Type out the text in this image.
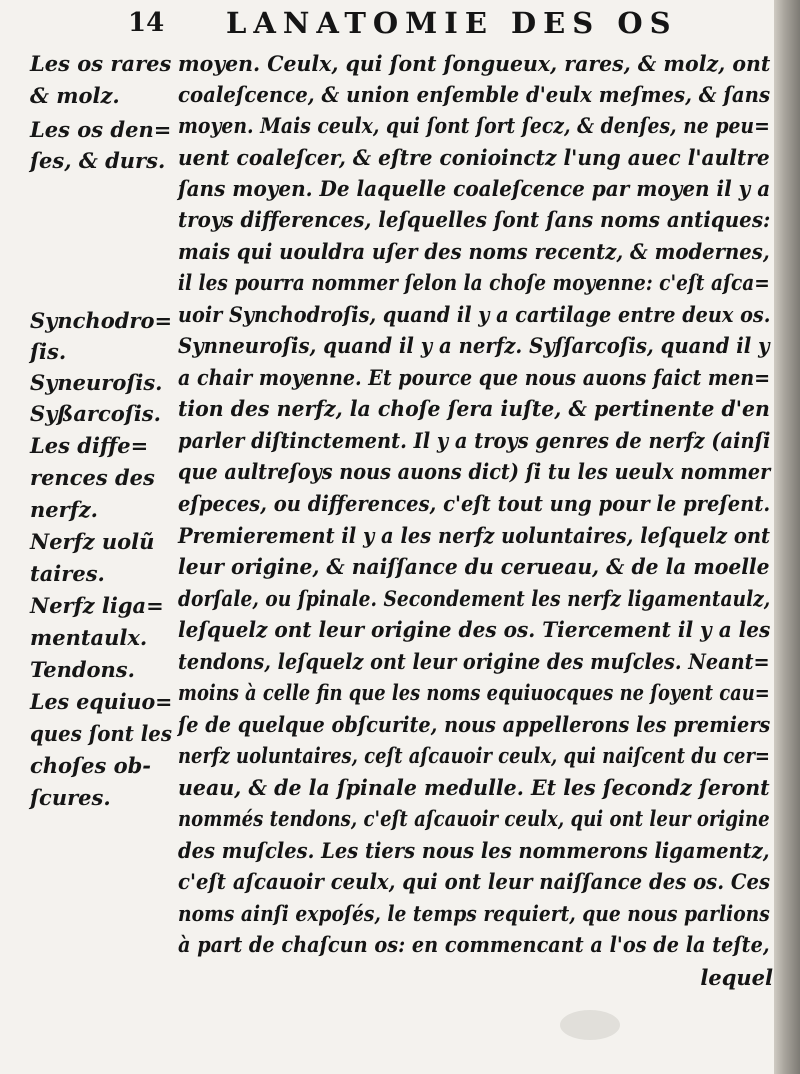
14 LANATOMIE DES OS
Les os rares
& molz.
Les os den=
ſes, & durs.
Synchodro=
ſis.
Syneuroſis.
Syßarcoſis.
Les diffe=
rences des
nerfz.
Nerfz uolũ
taires.
Nerfz liga=
mentaulx.
Tendons.
Les equiuo=
ques ſont les
choſes ob-
ſcures.
moyen. Ceulx, qui ſont ſongueux, rares, & molz, ont
coaleſcence, & union enſemble d'eulx meſmes, & ſans
moyen. Mais ceulx, qui ſont ſort ſecz, & denſes, ne peu=
uent coaleſcer, & eſtre conioinctz l'ung auec l'aultre
ſans moyen. De laquelle coaleſcence par moyen il y a
troys differences, leſquelles ſont ſans noms antiques:
mais qui uouldra uſer des noms recentz, & modernes,
il les pourra nommer ſelon la choſe moyenne: c'eſt aſca=
uoir Synchodroſis, quand il y a cartilage entre deux os.
Synneuroſis, quand il y a nerfz. Syſſarcoſis, quand il y
a chair moyenne. Et pource que nous auons faict men=
tion des nerfz, la choſe ſera iuſte, & pertinente d'en
parler diſtinctement. Il y a troys genres de nerfz (ainſi
que aultreſoys nous auons dict) ſi tu les ueulx nommer
eſpeces, ou differences, c'eſt tout ung pour le preſent.
Premierement il y a les nerfz uoluntaires, leſquelz ont
leur origine, & naiſſance du cerueau, & de la moelle
dorſale, ou ſpinale. Secondement les nerfz ligamentaulz,
leſquelz ont leur origine des os. Tiercement il y a les
tendons, leſquelz ont leur origine des muſcles. Neant=
moins à celle fin que les noms equiuocques ne ſoyent cau=
ſe de quelque obſcurite, nous appellerons les premiers
nerfz uoluntaires, ceſt aſcauoir ceulx, qui naiſcent du cer=
ueau, & de la ſpinale medulle. Et les ſecondz ſeront
nommés tendons, c'eſt aſcauoir ceulx, qui ont leur origine
des muſcles. Les tiers nous les nommerons ligamentz,
c'eſt aſcauoir ceulx, qui ont leur naiſſance des os. Ces
noms ainſi expoſés, le temps requiert, que nous parlions
à part de chaſcun os: en commencant a l'os de la teſte,
lequel
